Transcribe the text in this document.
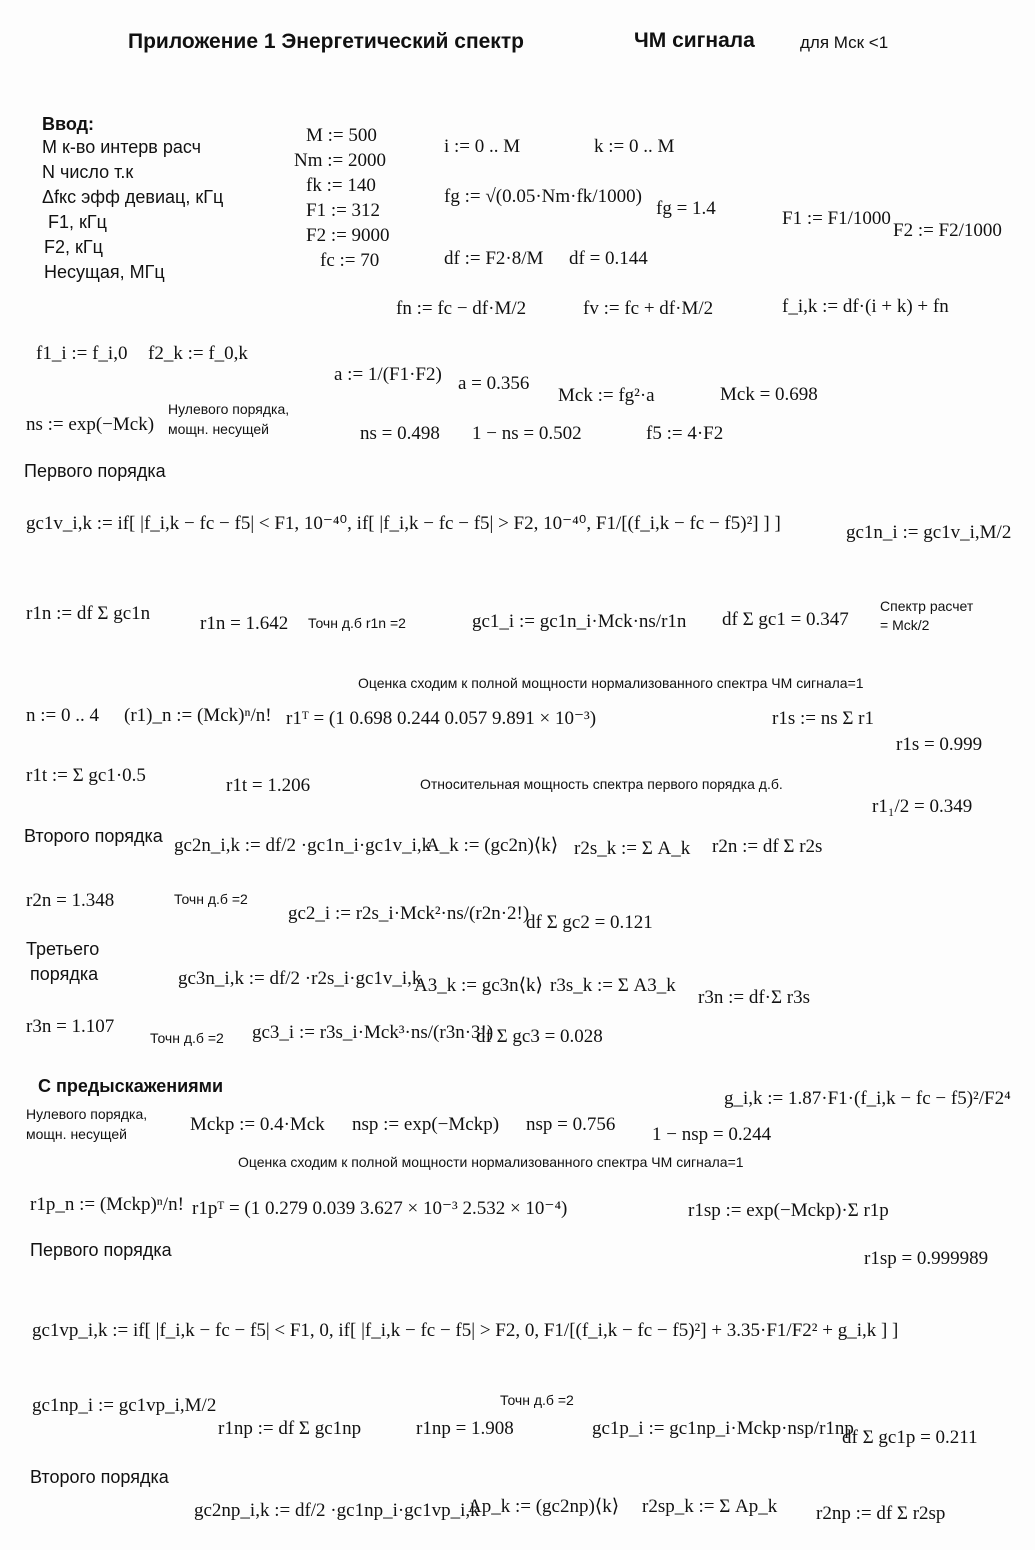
Приложение 1 Энергетический спектр	ЧМ сигнала	для Мск <1
Ввод:
М к-во интерв расч
N число т.к
Δfкс эфф девиац, кГц
F1, кГц
F2, кГц
Несущая, МГц
M := 500
Nm := 2000
fk := 140
F1 := 312
F2 := 9000
fc := 70
i := 0 .. M	k := 0 .. M
fg := √(0.05·Nm·fk/1000)
fg = 1.4	F1 := F1/1000
F2 := F2/1000
df := F2·8/M df = 0.144
fn := fc − df·M/2	fv := fc + df·M/2	f_i,k := df·(i + k) + fn
f1_i := f_i,0 f2_k := f_0,k
a := 1/(F1·F2) a = 0.356
Mck := fg²·a	Mck = 0.698
ns := exp(−Mck)
Нулевого порядка,
мощн. несущей	ns = 0.498 1 − ns = 0.502	f5 := 4·F2
Первого порядка
gc1v_i,k := if[ |f_i,k − fc − f5| < F1, 10⁻⁴⁰, if[ |f_i,k − fc − f5| > F2, 10⁻⁴⁰, F1/[(f_i,k − fc − f5)²] ] ]	gc1n_i := gc1v_i,M/2
r1n := df Σ gc1n	r1n = 1.642 Точн д.б r1n =2	gc1_i := gc1n_i·Mck·ns/r1n df Σ gc1 = 0.347
Спектр расчет
= Mck/2
Оценка сходим к полной мощности нормализованного спектра ЧМ сигнала=1
n := 0 .. 4 (r1)_n := (Mck)ⁿ/n! r1ᵀ = (1 0.698 0.244 0.057 9.891 × 10⁻³)	r1s := ns Σ r1
r1s = 0.999
r1t := Σ gc1·0.5	r1t = 1.206	Относительная мощность спектра первого порядка д.б.
r1₁/2 = 0.349
Второго порядка gc2n_i,k := df/2 ·gc1n_i·gc1v_i,k
A_k := (gc2n)⟨k⟩ r2s_k := Σ A_k r2n := df Σ r2s
r2n = 1.348	Точн д.б =2
gc2_i := r2s_i·Mck²·ns/(r2n·2!)
df Σ gc2 = 0.121
Третьего
порядка	gc3n_i,k := df/2 ·r2s_i·gc1v_i,k
A3_k := gc3n⟨k⟩ r3s_k := Σ A3_k
r3n := df·Σ r3s
r3n = 1.107
Точн д.б =2 gc3_i := r3s_i·Mck³·ns/(r3n·3!)
df Σ gc3 = 0.028
С предыскажениями
Нулевого порядка,
мощн. несущей	Mckp := 0.4·Mck nsp := exp(−Mckp) nsp = 0.756
g_i,k := 1.87·F1·(f_i,k − fc − f5)²/F2⁴
1 − nsp = 0.244
Оценка сходим к полной мощности нормализованного спектра ЧМ сигнала=1
r1p_n := (Mckp)ⁿ/n! r1pᵀ = (1 0.279 0.039 3.627 × 10⁻³ 2.532 × 10⁻⁴)	r1sp := exp(−Mckp)·Σ r1p
r1sp = 0.999989
Первого порядка
gc1vp_i,k := if[ |f_i,k − fc − f5| < F1, 0, if[ |f_i,k − fc − f5| > F2, 0, F1/[(f_i,k − fc − f5)²] + 3.35·F1/F2² + g_i,k ] ]
gc1np_i := gc1vp_i,M/2
r1np := df Σ gc1np	r1np = 1.908
Точн д.б =2
gc1p_i := gc1np_i·Mckp·nsp/r1np
df Σ gc1p = 0.211
Второго порядка
gc2np_i,k := df/2 ·gc1np_i·gc1vp_i,k
Ap_k := (gc2np)⟨k⟩ r2sp_k := Σ Ap_k r2np := df Σ r2sp
